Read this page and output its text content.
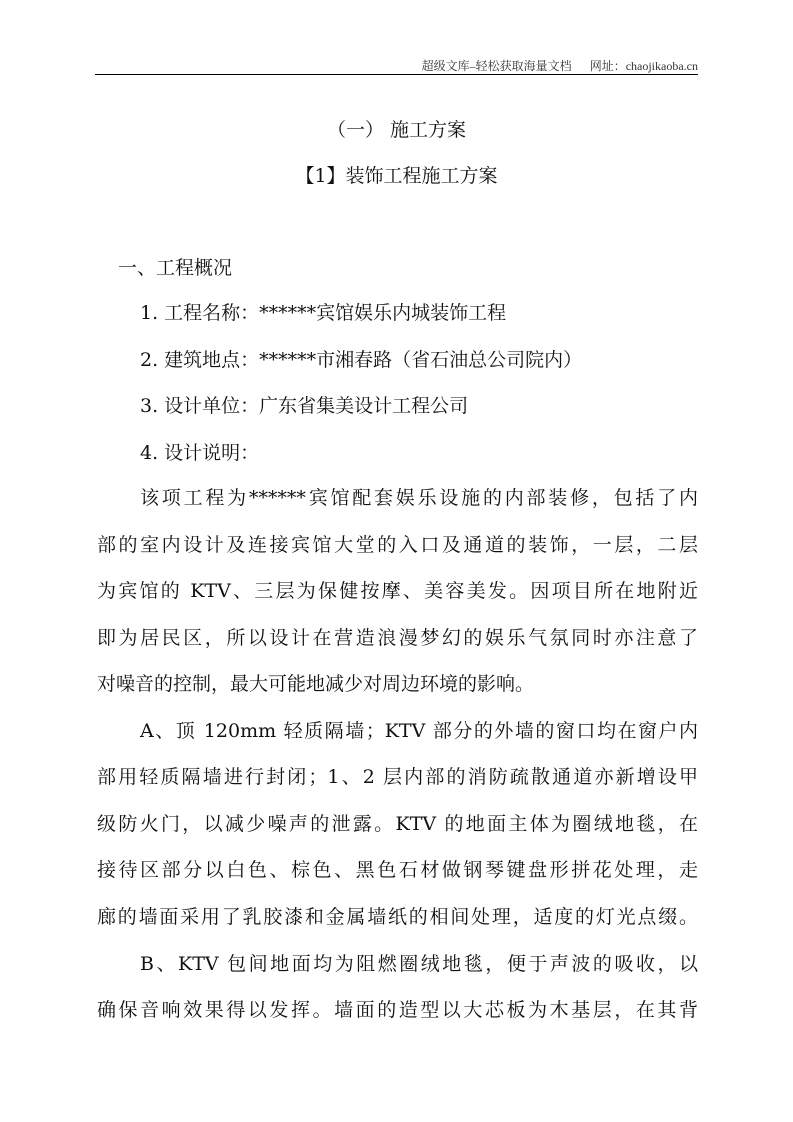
超级文库–轻松获取海量文档 网址：chaojikaoba.cn
（一） 施工方案
【1】装饰工程施工方案
一、工程概况
1. 工程名称：******宾馆娱乐内城装饰工程
2. 建筑地点：******市湘春路（省石油总公司院内）
3. 设计单位：广东省集美设计工程公司
4. 设计说明：
该项工程为******宾馆配套娱乐设施的内部装修，包括了内
部的室内设计及连接宾馆大堂的入口及通道的装饰，一层，二层
为宾馆的 KTV、三层为保健按摩、美容美发。因项目所在地附近
即为居民区，所以设计在营造浪漫梦幻的娱乐气氛同时亦注意了
对噪音的控制，最大可能地减少对周边环境的影响。
A、顶 120mm 轻质隔墙；KTV 部分的外墙的窗口均在窗户内
部用轻质隔墙进行封闭；1、2 层内部的消防疏散通道亦新增设甲
级防火门，以减少噪声的泄露。KTV 的地面主体为圈绒地毯，在
接待区部分以白色、棕色、黑色石材做钢琴键盘形拼花处理，走
廊的墙面采用了乳胶漆和金属墙纸的相间处理，适度的灯光点缀。
B、KTV 包间地面均为阻燃圈绒地毯，便于声波的吸收，以
确保音响效果得以发挥。墙面的造型以大芯板为木基层，在其背
